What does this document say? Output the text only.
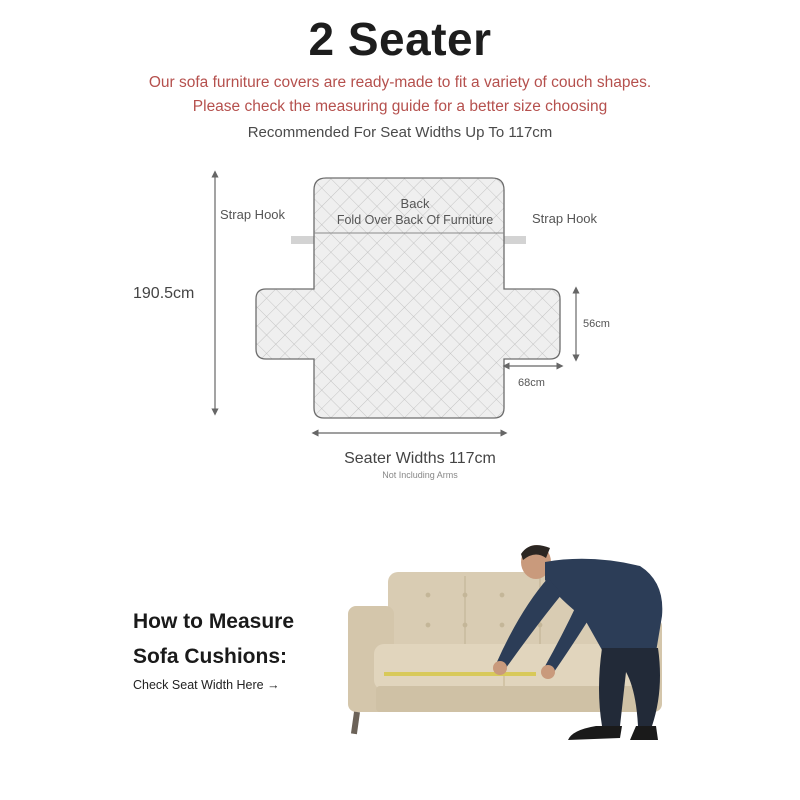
2 Seater
Our sofa furniture covers are ready-made to fit a variety of couch shapes.
Please check the measuring guide for a better size choosing
Recommended For Seat Widths Up To 117cm
Back
Fold Over Back Of Furniture
Strap Hook	Strap Hook
190.5cm
56cm
68cm
Seater Widths 117cm
Not Including Arms
How to Measure
Sofa Cushions:
Check Seat Width Here →
